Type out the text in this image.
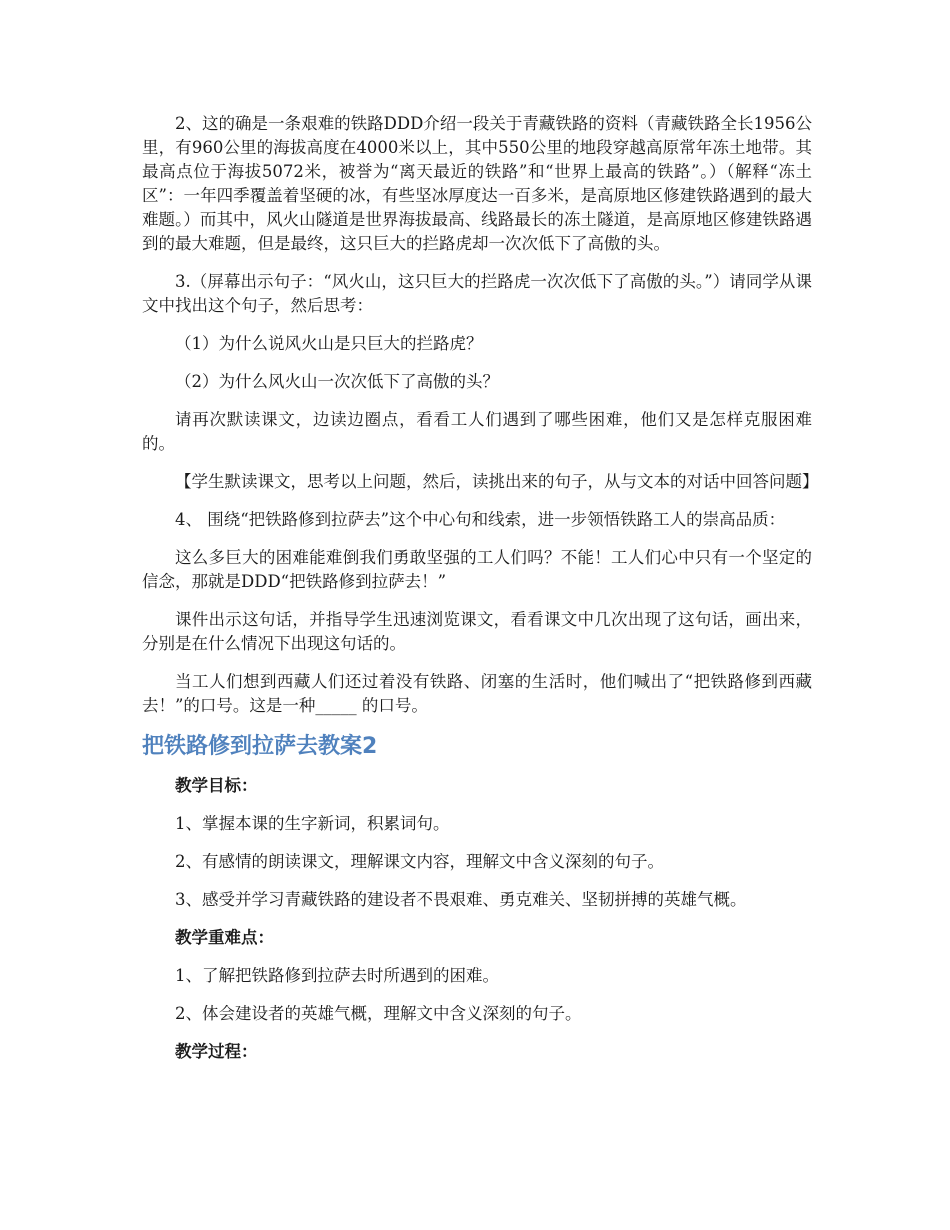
2、这的确是一条艰难的铁路DDD介绍一段关于青藏铁路的资料（青藏铁路全长1956公里，有960公里的海拔高度在4000米以上，其中550公里的地段穿越高原常年冻土地带。其最高点位于海拔5072米，被誉为“离天最近的铁路”和“世界上最高的铁路”。）（解释“冻土区”：一年四季覆盖着坚硬的冰，有些坚冰厚度达一百多米，是高原地区修建铁路遇到的最大难题。）而其中，风火山隧道是世界海拔最高、线路最长的冻土隧道，是高原地区修建铁路遇到的最大难题，但是最终，这只巨大的拦路虎却一次次低下了高傲的头。

3.（屏幕出示句子：“风火山，这只巨大的拦路虎一次次低下了高傲的头。”）请同学从课文中找出这个句子，然后思考：

（1）为什么说风火山是只巨大的拦路虎？

（2）为什么风火山一次次低下了高傲的头？

请再次默读课文，边读边圈点，看看工人们遇到了哪些困难，他们又是怎样克服困难的。

【学生默读课文，思考以上问题，然后，读挑出来的句子，从与文本的对话中回答问题】

4、 围绕“把铁路修到拉萨去”这个中心句和线索，进一步领悟铁路工人的崇高品质：

这么多巨大的困难能难倒我们勇敢坚强的工人们吗？不能！工人们心中只有一个坚定的信念，那就是DDD“把铁路修到拉萨去！”

课件出示这句话，并指导学生迅速浏览课文，看看课文中几次出现了这句话，画出来，分别是在什么情况下出现这句话的。

当工人们想到西藏人们还过着没有铁路、闭塞的生活时，他们喊出了“把铁路修到西藏去！”的口号。这是一种_____ 的口号。

把铁路修到拉萨去教案2

教学目标：

1、掌握本课的生字新词，积累词句。

2、有感情的朗读课文，理解课文内容，理解文中含义深刻的句子。

3、感受并学习青藏铁路的建设者不畏艰难、勇克难关、坚韧拼搏的英雄气概。

教学重难点：

1、了解把铁路修到拉萨去时所遇到的困难。

2、体会建设者的英雄气概，理解文中含义深刻的句子。

教学过程：
